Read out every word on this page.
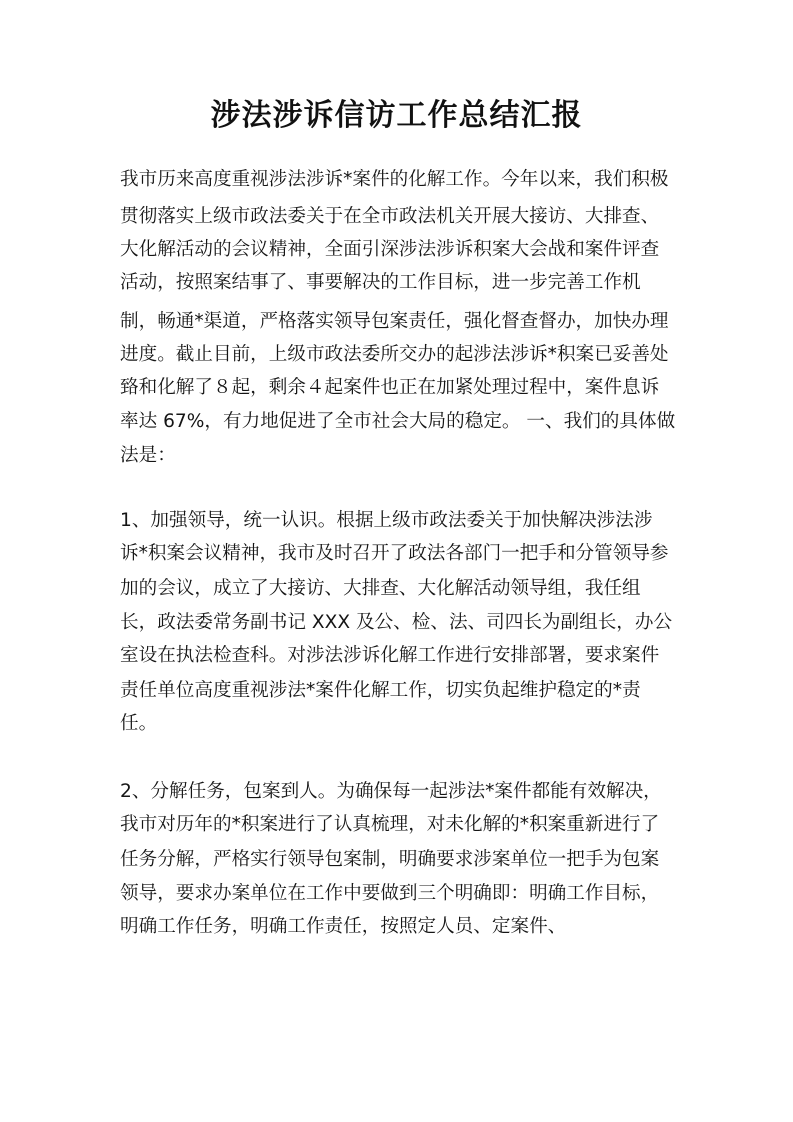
涉法涉诉信访工作总结汇报
我市历来高度重视涉法涉诉*案件的化解工作。今年以来，我们积极
贯彻落实上级市政法委关于在全市政法机关开展大接访、大排查、
大化解活动的会议精神，全面引深涉法涉诉积案大会战和案件评查
活动，按照案结事了、事要解决的工作目标，进一步完善工作机
制，畅通*渠道，严格落实领导包案责任，强化督查督办，加快办理
进度。截止目前，上级市政法委所交办的起涉法涉诉*积案已妥善处
臵和化解了８起，剩余４起案件也正在加紧处理过程中，案件息诉
率达 67%，有力地促进了全市社会大局的稳定。 一、我们的具体做
法是：
1、加强领导，统一认识。根据上级市政法委关于加快解决涉法涉
诉*积案会议精神，我市及时召开了政法各部门一把手和分管领导参
加的会议，成立了大接访、大排查、大化解活动领导组，我任组
长，政法委常务副书记 XXX 及公、检、法、司四长为副组长，办公
室设在执法检查科。对涉法涉诉化解工作进行安排部署，要求案件
责任单位高度重视涉法*案件化解工作，切实负起维护稳定的*责
任。
2、分解任务，包案到人。为确保每一起涉法*案件都能有效解决，
我市对历年的*积案进行了认真梳理，对未化解的*积案重新进行了
任务分解，严格实行领导包案制，明确要求涉案单位一把手为包案
领导，要求办案单位在工作中要做到三个明确即：明确工作目标，
明确工作任务，明确工作责任，按照定人员、定案件、
